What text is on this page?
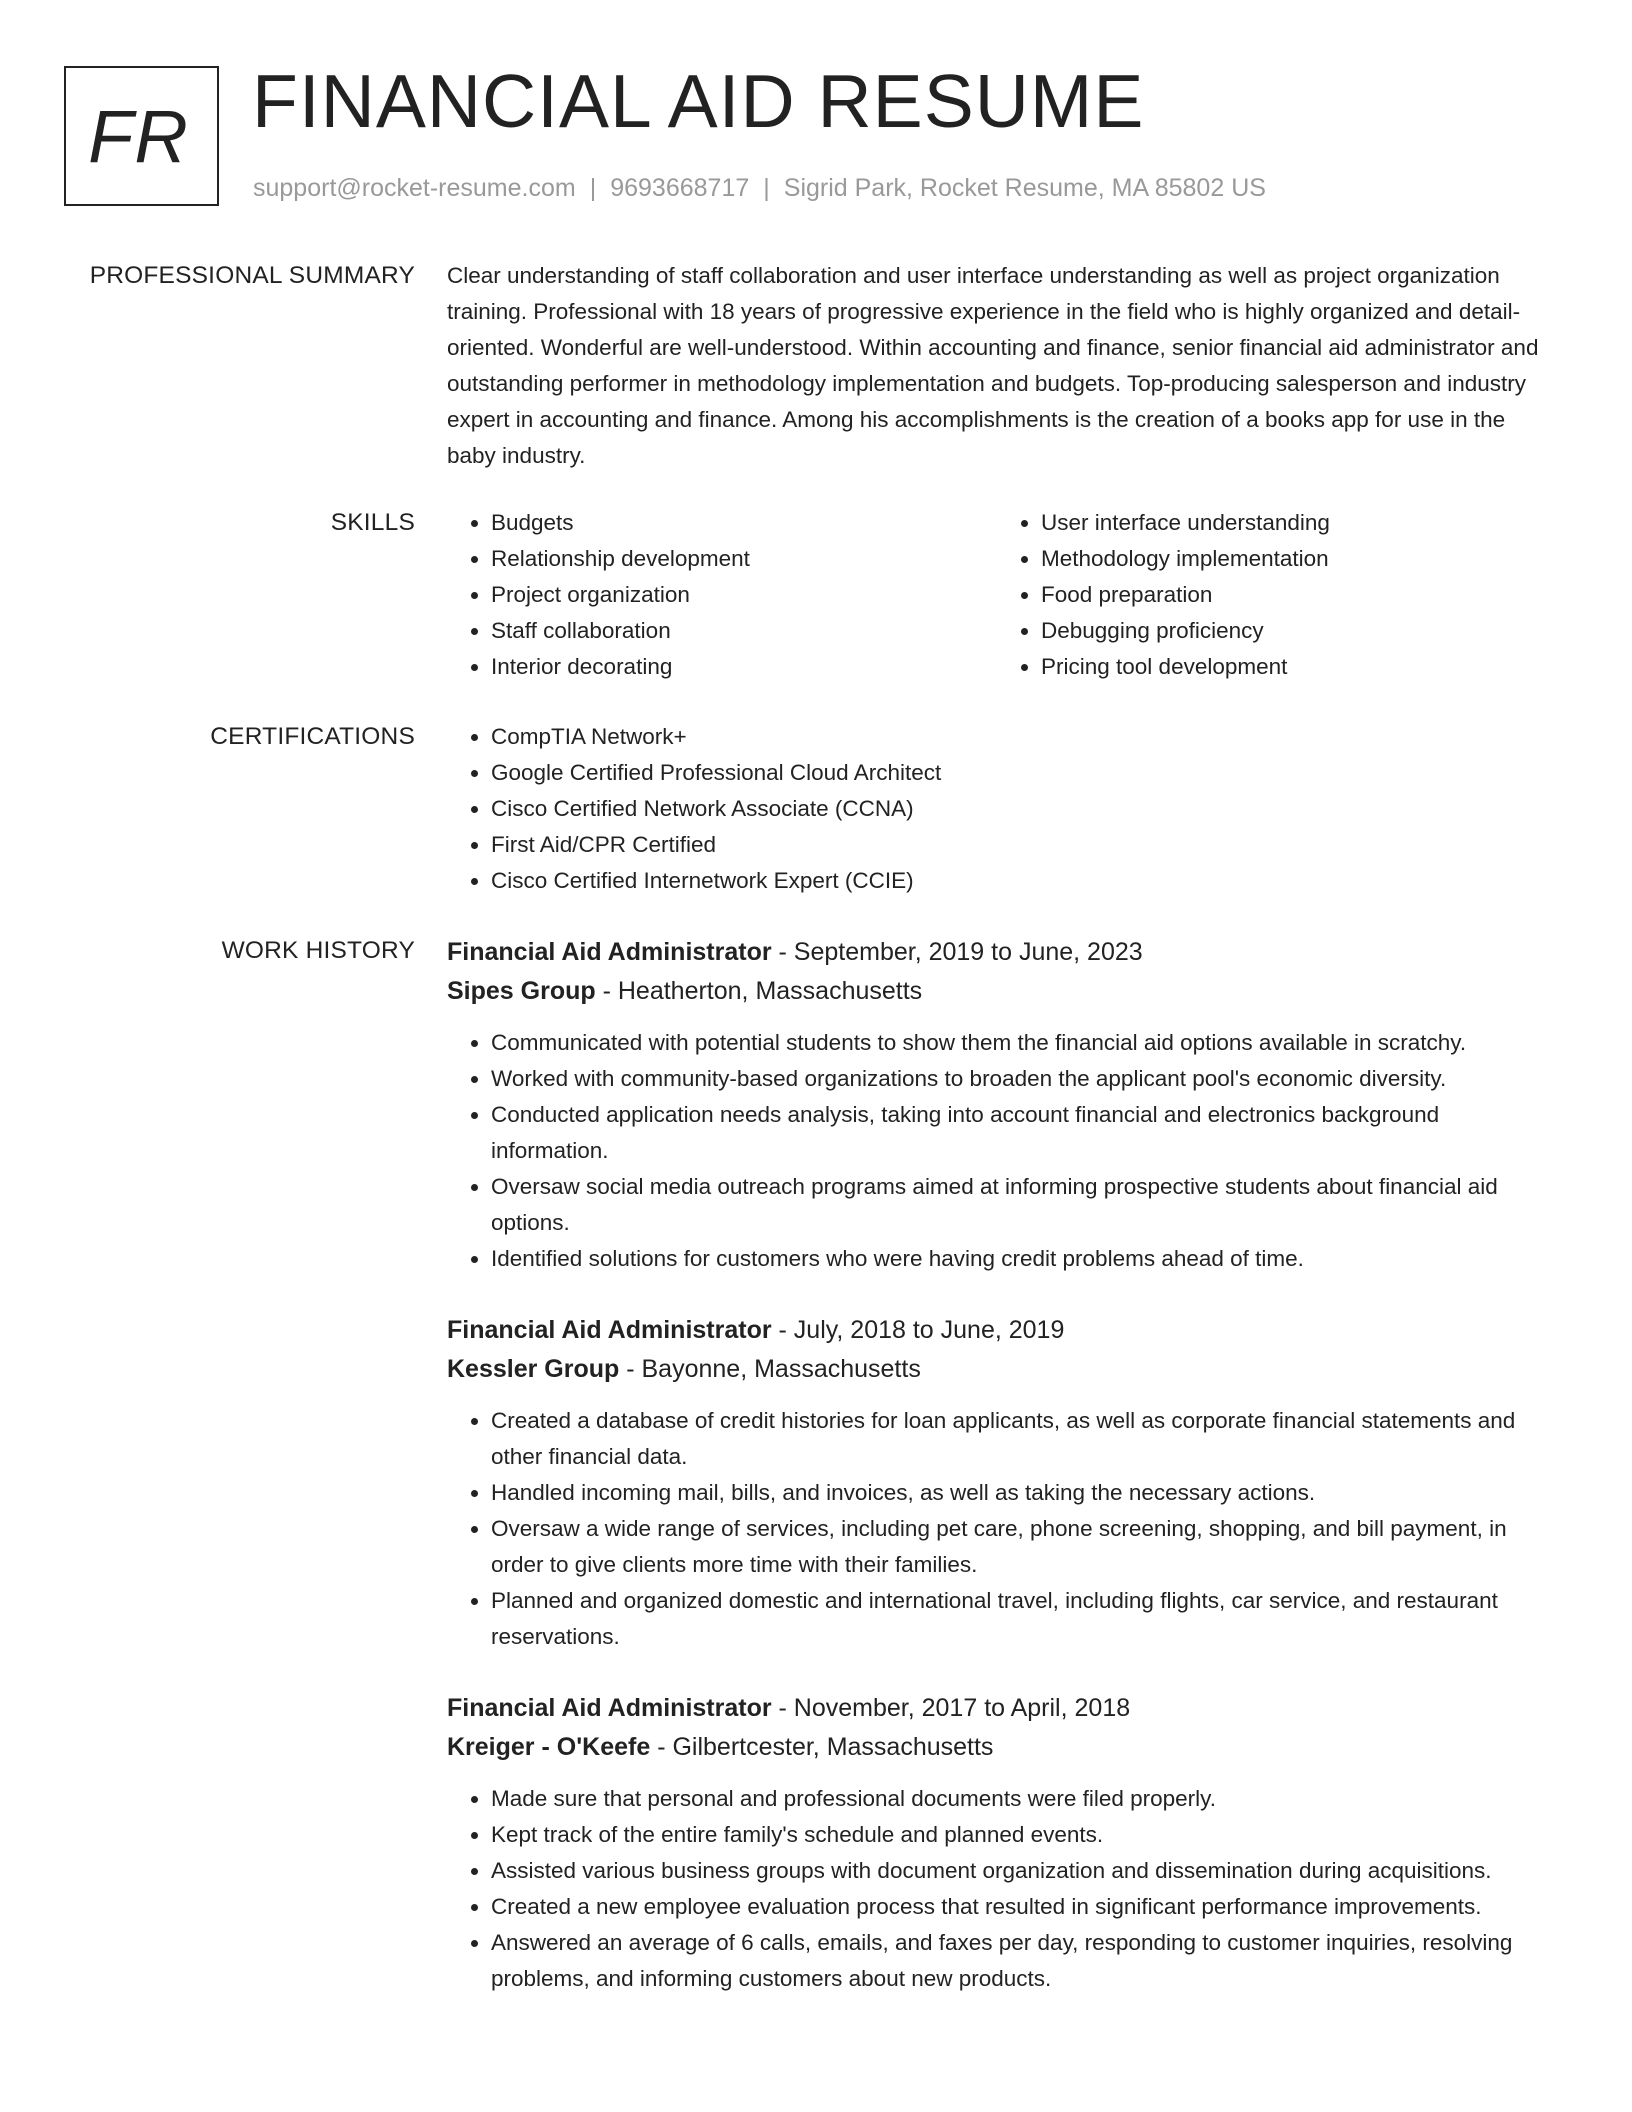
FR FINANCIAL AID RESUME
support@rocket-resume.com | 9693668717 | Sigrid Park, Rocket Resume, MA 85802 US
PROFESSIONAL SUMMARY Clear understanding of staff collaboration and user interface understanding as well as project organization training. Professional with 18 years of progressive experience in the field who is highly organized and detail-oriented. Wonderful are well-understood. Within accounting and finance, senior financial aid administrator and outstanding performer in methodology implementation and budgets. Top-producing salesperson and industry expert in accounting and finance. Among his accomplishments is the creation of a books app for use in the baby industry.

SKILLS	• Budgets
• Relationship development
• Project organization
• Staff collaboration
• Interior decorating
• User interface understanding
• Methodology implementation
• Food preparation
• Debugging proficiency
• Pricing tool development
CERTIFICATIONS	• CompTIA Network+
• Google Certified Professional Cloud Architect
• Cisco Certified Network Associate (CCNA)
• First Aid/CPR Certified
• Cisco Certified Internetwork Expert (CCIE)
WORK HISTORY Financial Aid Administrator - September, 2019 to June, 2023
Sipes Group - Heatherton, Massachusetts
• Communicated with potential students to show them the financial aid options available in scratchy.
• Worked with community-based organizations to broaden the applicant pool's economic diversity.
• Conducted application needs analysis, taking into account financial and electronics background information.
• Oversaw social media outreach programs aimed at informing prospective students about financial aid options.
• Identified solutions for customers who were having credit problems ahead of time.
Financial Aid Administrator - July, 2018 to June, 2019
Kessler Group - Bayonne, Massachusetts
• Created a database of credit histories for loan applicants, as well as corporate financial statements and other financial data.
• Handled incoming mail, bills, and invoices, as well as taking the necessary actions.
• Oversaw a wide range of services, including pet care, phone screening, shopping, and bill payment, in order to give clients more time with their families.
• Planned and organized domestic and international travel, including flights, car service, and restaurant reservations.
Financial Aid Administrator - November, 2017 to April, 2018
Kreiger - O'Keefe - Gilbertcester, Massachusetts
• Made sure that personal and professional documents were filed properly.
• Kept track of the entire family's schedule and planned events.
• Assisted various business groups with document organization and dissemination during acquisitions.
• Created a new employee evaluation process that resulted in significant performance improvements.
• Answered an average of 6 calls, emails, and faxes per day, responding to customer inquiries, resolving problems, and informing customers about new products.
